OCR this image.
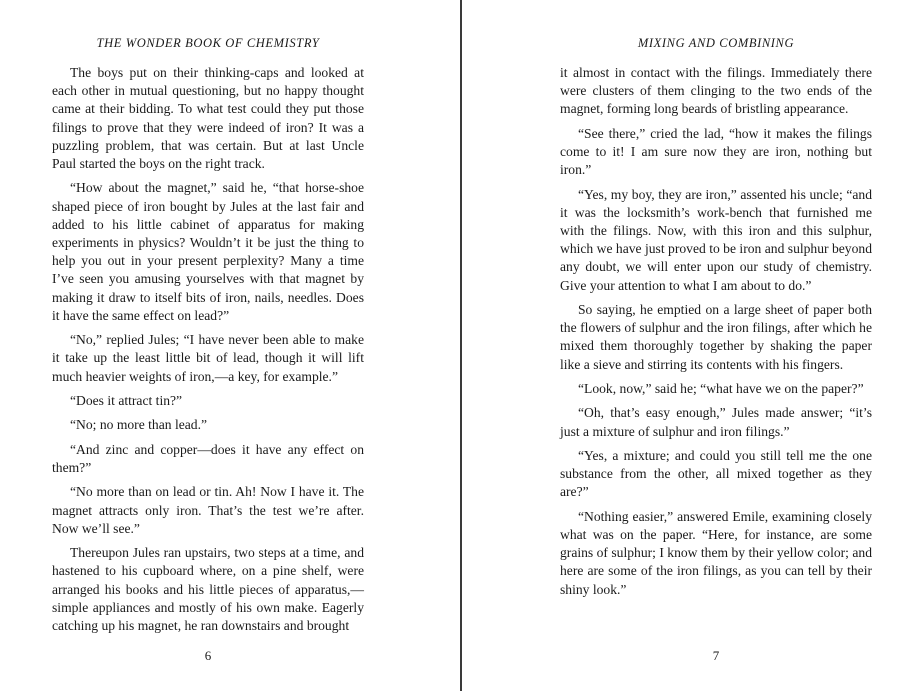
THE WONDER BOOK OF CHEMISTRY

The boys put on their thinking-caps and looked at each other in mutual questioning, but no happy thought came at their bidding. To what test could they put those filings to prove that they were indeed of iron? It was a puzzling problem, that was certain. But at last Uncle Paul started the boys on the right track.

“How about the magnet,” said he, “that horse-shoe shaped piece of iron bought by Jules at the last fair and added to his little cabinet of apparatus for making experiments in physics? Wouldn’t it be just the thing to help you out in your present perplexity? Many a time I’ve seen you amusing yourselves with that magnet by making it draw to itself bits of iron, nails, needles. Does it have the same effect on lead?”

“No,” replied Jules; “I have never been able to make it take up the least little bit of lead, though it will lift much heavier weights of iron,—a key, for example.”

“Does it attract tin?”

“No; no more than lead.”

“And zinc and copper—does it have any effect on them?”

“No more than on lead or tin. Ah! Now I have it. The magnet attracts only iron. That’s the test we’re after. Now we’ll see.”

Thereupon Jules ran upstairs, two steps at a time, and hastened to his cupboard where, on a pine shelf, were arranged his books and his little pieces of apparatus,—simple appliances and mostly of his own make. Eagerly catching up his magnet, he ran downstairs and brought

6
MIXING AND COMBINING

it almost in contact with the filings. Immediately there were clusters of them clinging to the two ends of the magnet, forming long beards of bristling appearance.

“See there,” cried the lad, “how it makes the filings come to it! I am sure now they are iron, nothing but iron.”

“Yes, my boy, they are iron,” assented his uncle; “and it was the locksmith’s work-bench that furnished me with the filings. Now, with this iron and this sulphur, which we have just proved to be iron and sulphur beyond any doubt, we will enter upon our study of chemistry. Give your attention to what I am about to do.”

So saying, he emptied on a large sheet of paper both the flowers of sulphur and the iron filings, after which he mixed them thoroughly together by shaking the paper like a sieve and stirring its contents with his fingers.

“Look, now,” said he; “what have we on the paper?”

“Oh, that’s easy enough,” Jules made answer; “it’s just a mixture of sulphur and iron filings.”

“Yes, a mixture; and could you still tell me the one substance from the other, all mixed together as they are?”

“Nothing easier,” answered Emile, examining closely what was on the paper. “Here, for instance, are some grains of sulphur; I know them by their yellow color; and here are some of the iron filings, as you can tell by their shiny look.”

7
